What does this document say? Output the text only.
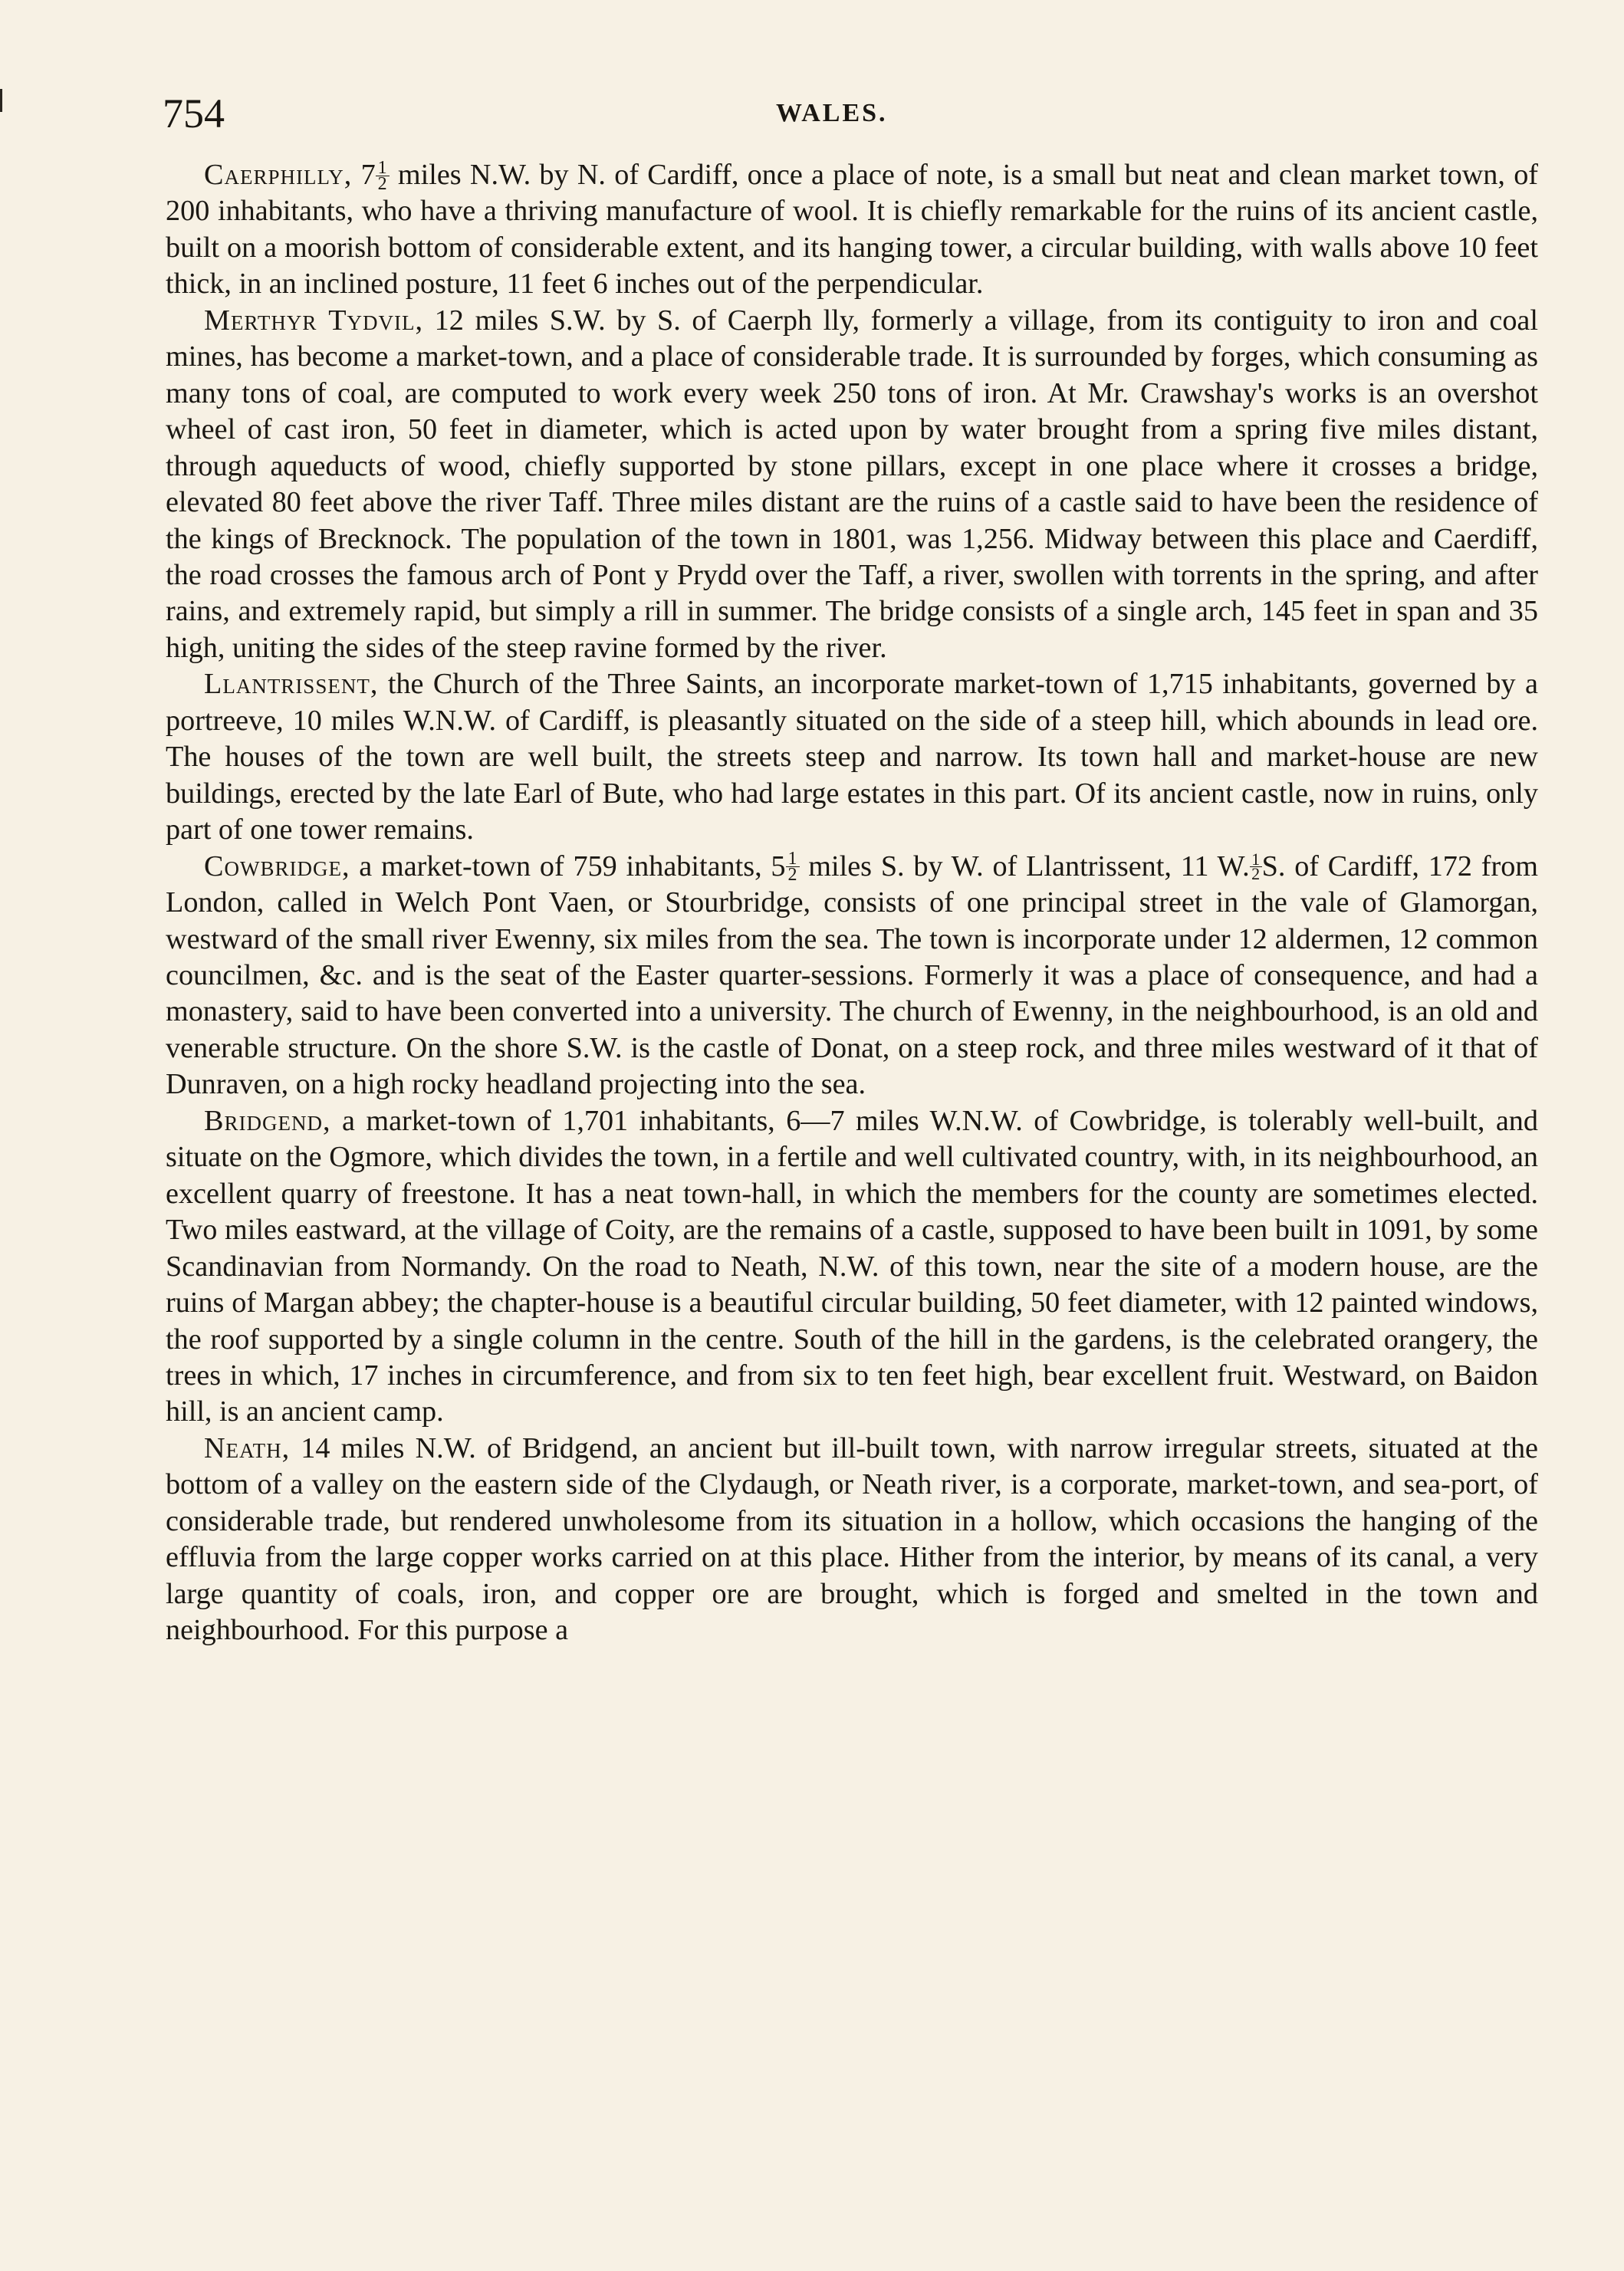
754	WALES.

Caerphilly, $7 \frac{1}{2}$ miles N.W. by N. of Cardiff, once a place of note, is a small but neat and clean market town, of 200 inhabitants, who have a thriving manufacture of wool. It is chiefly remarkable for the ruins of its ancient castle, built on a moorish bottom of considerable extent, and its hanging tower, a circular building, with walls above 10 feet thick, in an inclined posture, 11 feet 6 inches out of the perpendicular.

Merthyr Tydvil, 12 miles S.W. by S. of Caerph lly, formerly a village, from its contiguity to iron and coal mines, has become a market-town, and a place of considerable trade. It is surrounded by forges, which consuming as many tons of coal, are computed to work every week 250 tons of iron. At Mr. Crawshay's works is an overshot wheel of cast iron, 50 feet in diameter, which is acted upon by water brought from a spring five miles distant, through aqueducts of wood, chiefly supported by stone pillars, except in one place where it crosses a bridge, elevated 80 feet above the river Taff. Three miles distant are the ruins of a castle said to have been the residence of the kings of Brecknock. The population of the town in 1801, was 1,256. Midway between this place and Caerdiff, the road crosses the famous arch of Pont y Prydd over the Taff, a river, swollen with torrents in the spring, and after rains, and extremely rapid, but simply a rill in summer. The bridge consists of a single arch, 145 feet in span and 35 high, uniting the sides of the steep ravine formed by the river.

Llantrissent, the Church of the Three Saints, an incorporate market-town of 1,715 inhabitants, governed by a portreeve, 10 miles W.N.W. of Cardiff, is pleasantly situated on the side of a steep hill, which abounds in lead ore. The houses of the town are well built, the streets steep and narrow. Its town hall and market-house are new buildings, erected by the late Earl of Bute, who had large estates in this part. Of its ancient castle, now in ruins, only part of one tower remains.

Cowbridge, a market-town of 759 inhabitants, $5 \frac{1}{2}$ miles S. by W. of Llantrissent, 11 W. $\frac{1}{2} S$. of Cardiff, 172 from London, called in Welch Pont Vaen, or Stourbridge, consists of one principal street in the vale of Glamorgan, westward of the small river Ewenny, six miles from the sea. The town is incorporate under 12 aldermen, 12 common councilmen, &c. and is the seat of the Easter quarter-sessions. Formerly it was a place of consequence, and had a monastery, said to have been converted into a university. The church of Ewenny, in the neighbourhood, is an old and venerable structure. On the shore S.W. is the castle of Donat, on a steep rock, and three miles westward of it that of Dunraven, on a high rocky headland projecting into the sea.

Bridgend, a market-town of 1,701 inhabitants, 6—7 miles W.N.W. of Cowbridge, is tolerably well-built, and situate on the Ogmore, which divides the town, in a fertile and well cultivated country, with, in its neighbourhood, an excellent quarry of freestone. It has a neat town-hall, in which the members for the county are sometimes elected. Two miles eastward, at the village of Coity, are the remains of a castle, supposed to have been built in 1091, by some Scandinavian from Normandy. On the road to Neath, N.W. of this town, near the site of a modern house, are the ruins of Margan abbey; the chapter-house is a beautiful circular building, 50 feet diameter, with 12 painted windows, the roof supported by a single column in the centre. South of the hill in the gardens, is the celebrated orangery, the trees in which, 17 inches in circumference, and from six to ten feet high, bear excellent fruit. Westward, on Baidon hill, is an ancient camp.

Neath, 14 miles N.W. of Bridgend, an ancient but ill-built town, with narrow irregular streets, situated at the bottom of a valley on the eastern side of the Clydaugh, or Neath river, is a corporate, market-town, and sea-port, of considerable trade, but rendered unwholesome from its situation in a hollow, which occasions the hanging of the effluvia from the large copper works carried on at this place. Hither from the interior, by means of its canal, a very large quantity of coals, iron, and copper ore are brought, which is forged and smelted in the town and neighbourhood. For this purpose a
